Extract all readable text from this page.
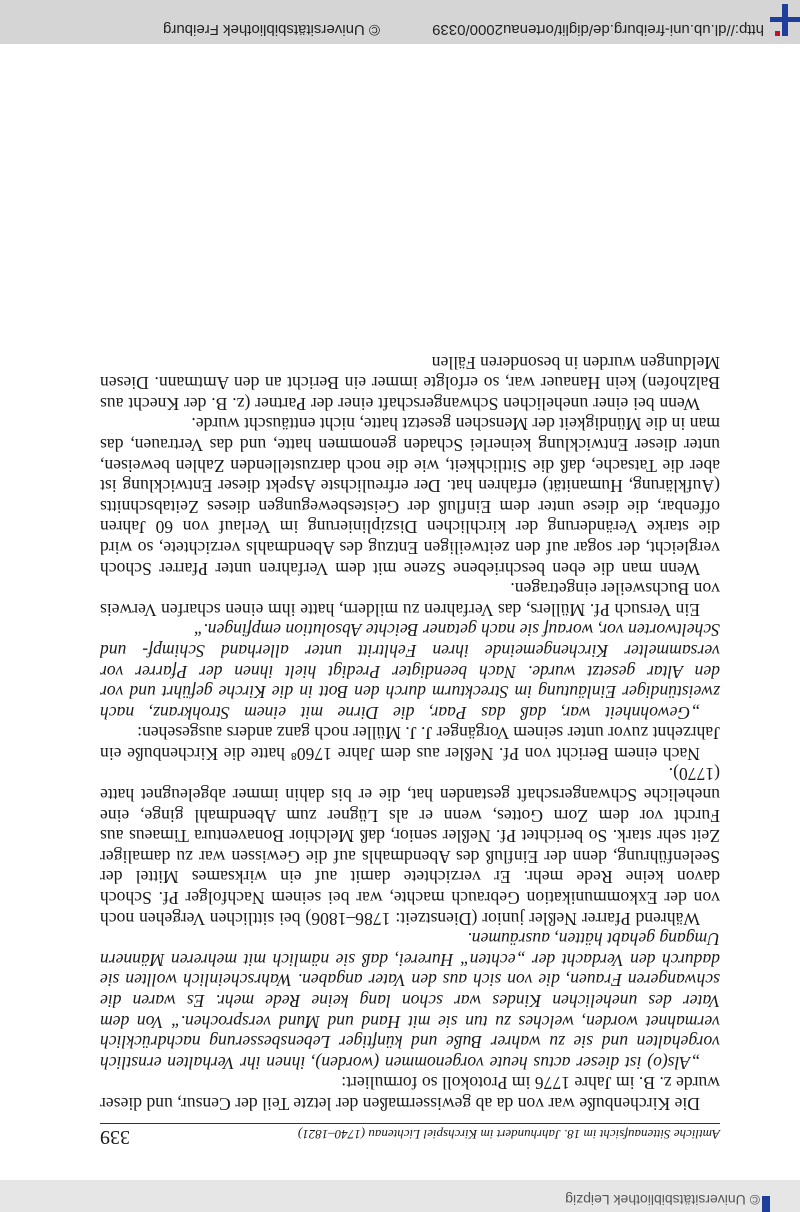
http://dl.ub.uni-freiburg.de/diglit/ortenau2000/0339
© Universitätsbibliothek Freiburg
Amtliche Sittenaufsicht im 18. Jahrhundert im Kirchspiel Lichtenau (1740–1821)
339

Die Kirchenbuße war von da ab gewissermaßen der letzte Teil der Censur, und dieser wurde z. B. im Jahre 1776 im Protokoll so formuliert:

„Als(o) ist dieser actus heute vorgenommen (worden), ihnen ihr Verhalten ernstlich vorgehalten und sie zu wahrer Buße und künftiger Lebensbesserung nachdrücklich vermahnet worden, welches zu tun sie mit Hand und Mund versprochen.“ Von dem Vater des unehelichen Kindes war schon lang keine Rede mehr. Es waren die schwangeren Frauen, die von sich aus den Vater angaben. Wahrscheinlich wollten sie dadurch den Verdacht der „echten“ Hurerei, daß sie nämlich mit mehreren Männern Umgang gehabt hätten, ausräumen.

Während Pfarrer Neßler junior (Dienstzeit: 1786–1806) bei sittlichen Vergehen noch von der Exkommunikation Gebrauch machte, war bei seinem Nachfolger Pf. Schoch davon keine Rede mehr. Er verzichtete damit auf ein wirksames Mittel der Seelenführung, denn der Einfluß des Abendmahls auf die Gewissen war zu damaliger Zeit sehr stark. So berichtet Pf. Neßler senior, daß Melchior Bonaventura Timaeus aus Furcht vor dem Zorn Gottes, wenn er als Lügner zum Abendmahl ginge, eine uneheliche Schwangerschaft gestanden hat, die er bis dahin immer abgeleugnet hatte (1770).

Nach einem Bericht von Pf. Neßler aus dem Jahre 1760⁸ hatte die Kirchenbuße ein Jahrzehnt zuvor unter seinem Vorgänger J. J. Müller noch ganz anders ausgesehen:

„Gewohnheit war, daß das Paar, die Dirne mit einem Strohkranz, nach zweistündiger Einläutung im Streckturm durch den Bott in die Kirche geführt und vor den Altar gesetzt wurde. Nach beendigter Predigt hielt ihnen der Pfarrer vor versammelter Kirchengemeinde ihren Fehltritt unter allerhand Schimpf- und Scheltworten vor, worauf sie nach getaner Beichte Absolution empfingen.“

Ein Versuch Pf. Müllers, das Verfahren zu mildern, hatte ihm einen scharfen Verweis von Buchsweiler eingetragen.

Wenn man die eben beschriebene Szene mit dem Verfahren unter Pfarrer Schoch vergleicht, der sogar auf den zeitweiligen Entzug des Abendmahls verzichtete, so wird die starke Veränderung der kirchlichen Disziplinierung im Verlauf von 60 Jahren offenbar, die diese unter dem Einfluß der Geistesbewegungen dieses Zeitabschnitts (Aufklärung, Humanität) erfahren hat. Der erfreulichste Aspekt dieser Entwicklung ist aber die Tatsache, daß die Sittlichkeit, wie die noch darzustellenden Zahlen beweisen, unter dieser Entwicklung keinerlei Schaden genommen hatte, und das Vertrauen, das man in die Mündigkeit der Menschen gesetzt hatte, nicht enttäuscht wurde.

Wenn bei einer unehelichen Schwangerschaft einer der Partner (z. B. der Knecht aus Balzhofen) kein Hanauer war, so erfolgte immer ein Bericht an den Amtmann. Diesen Meldungen wurden in besonderen Fällen

© Universitätsbibliothek Leipzig
